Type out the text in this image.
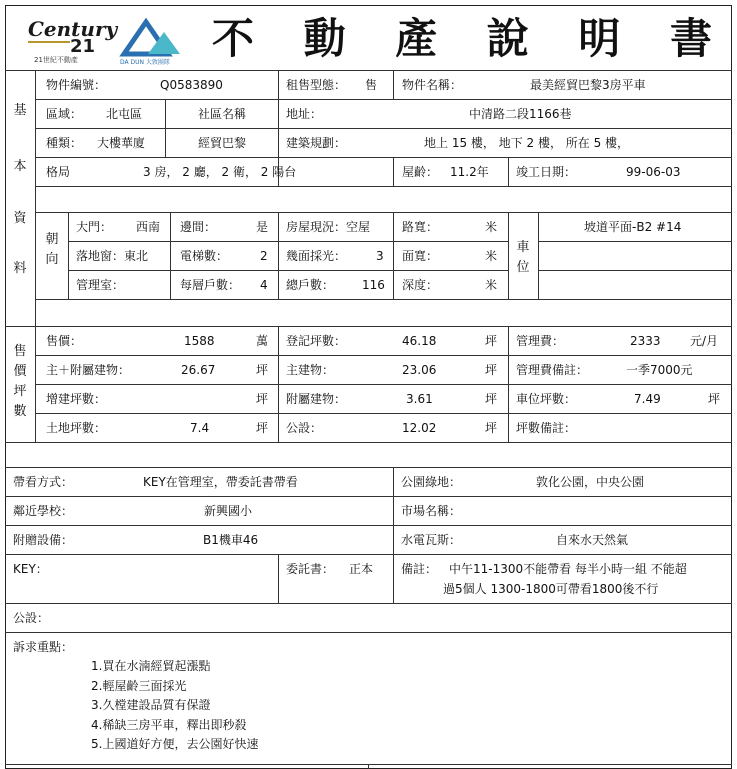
Century
21
21世紀不動產	DA DUN 大敦團隊 不 動 產 說 明 書
基
本
資
料
物件編號：	Q0583890	租售型態： 售 物件名稱：	最美經貿巴黎3房平車
區域： 北屯區	社區名稱	地址：	中清路二段1166巷
種類： 大樓華廈	經貿巴黎	建築規劃：	地上 15 樓， 地下 2 樓， 所在 5 樓，
格局	3 房， 2 廳， 2 衛， 2 陽台	屋齡： 11.2年 竣工日期：	99-06-03
朝
向
大門： 西南 邊間：	是 房屋現況：空屋	路寬：	米	坡道平面-B2 #14
落地窗：東北	電梯數：	2 幾面採光： 3 面寬：	米
車
位
管理室：	每層戶數： 4 總戶數： 116 深度：	米
售
價
坪
數
售價：	1588	萬 登記坪數：	46.18	坪 管理費：	2333 元/月
主＋附屬建物：	26.67	坪 主建物：	23.06	坪 管理費備註：	一季7000元
增建坪數：	坪 附屬建物：	3.61	坪 車位坪數：	7.49	坪
土地坪數：	7.4	坪 公設：	12.02	坪 坪數備註：
帶看方式：	KEY在管理室，帶委託書帶看	公園綠地：	敦化公園，中央公園
鄰近學校：	新興國小	市場名稱：
附贈設備：	B1機車46	水電瓦斯：	自來水天然氣
KEY：	委託書： 正本 備註： 中午11-1300不能帶看 每半小時一組 不能超
過5個人 1300-1800可帶看1800後不行
公設：
訴求重點：
1.買在水湳經貿起漲點
2.輕屋齡三面採光
3.久樘建設品質有保證
4.稀缺三房平車，釋出即秒殺
5.上國道好方便，去公園好快速
